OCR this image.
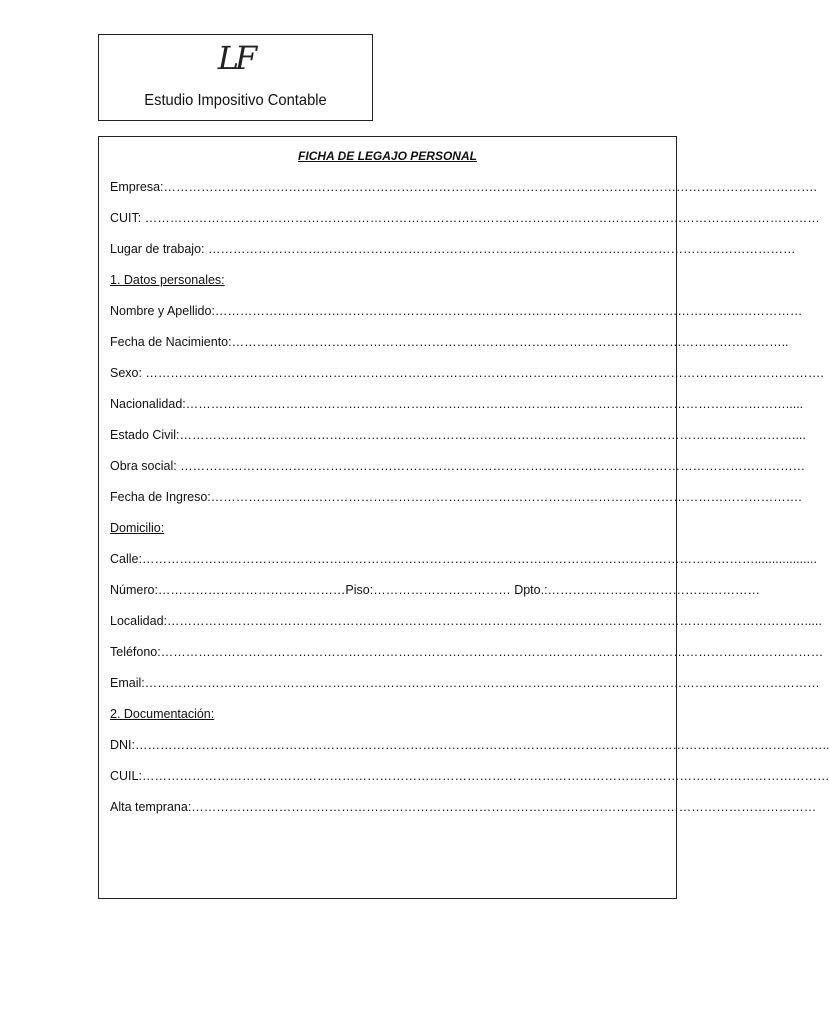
LF
Estudio Impositivo Contable
FICHA DE LEGAJO PERSONAL
Empresa:………………………………………………………………………………………………………………………………………….
CUIT: ………………………………………………………………………………………………………………………………………………
Lugar de trabajo: ……………………………………………………………………………………………………………………………
1. Datos personales:
Nombre y Apellido:……………………………………………………………………………………………………………………………
Fecha de Nacimiento:……………………………………………………………………………………………………………………..
Sexo: ……………………………………………………………………………………………………………………………………………….
Nacionalidad:……………………………………………………………………………………………………………………………….....
Estado Civil:…………………………………………………………………………………………………………………………………....
Obra social: ……………………………………………………………………………………………………………………………………
Fecha de Ingreso:…………………………………………………………………………………………………………………………….
Domicilio:
Calle:…………………………………………………………………………………………………………………………………..................
Número:………………………………………Piso:…………………………… Dpto.:……………………………………………
Localidad:……………………………………………………………………………………………………………………………………….....
Teléfono:……………………………………………………………………………………………………………………………………………
Email:………………………………………………………………………………………………………………………………………………
2. Documentación:
DNI:…………………………………………………………………………………………………………………………………………………..
CUIL:…………………………………………………………………………………………………………………………………………………
Alta temprana:……………………………………………………………………………………………………………………………………
